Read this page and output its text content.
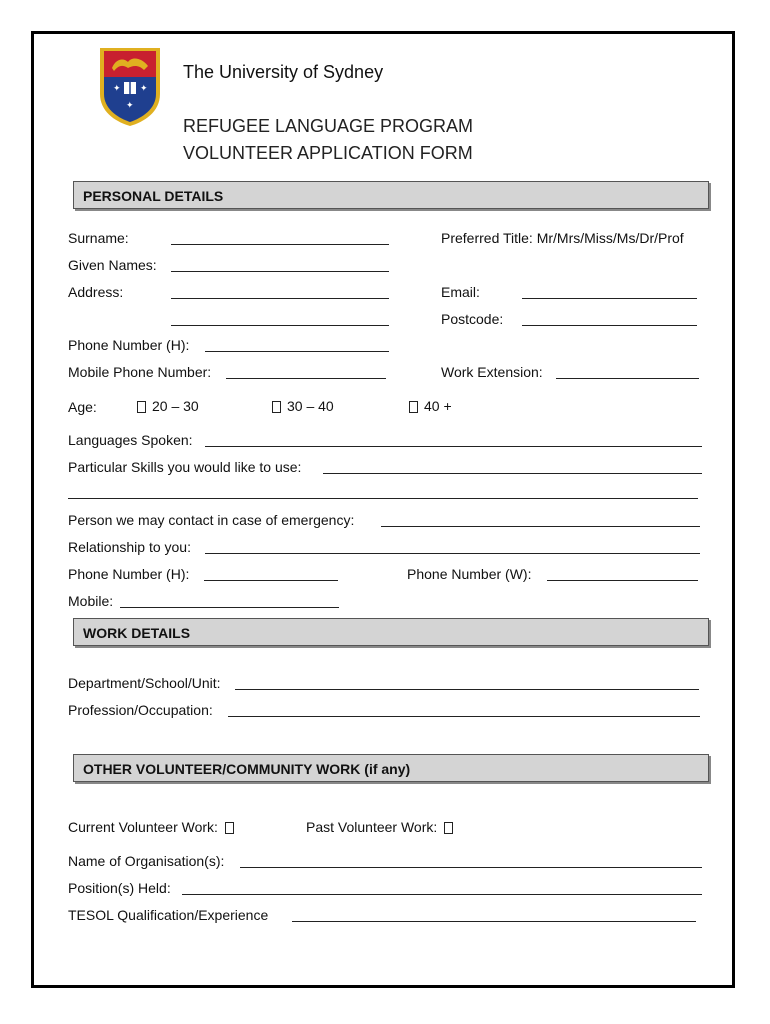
✦ ✦
✦
The University of Sydney
REFUGEE LANGUAGE PROGRAM
VOLUNTEER APPLICATION FORM
PERSONAL DETAILS
Surname:	Preferred Title: Mr/Mrs/Miss/Ms/Dr/Prof
Given Names:
Address:	Email:
Postcode:
Phone Number (H):
Mobile Phone Number:	Work Extension:
Age:	20 – 30	30 – 40	40 +
Languages Spoken:
Particular Skills you would like to use:
Person we may contact in case of emergency:
Relationship to you:
Phone Number (H):	Phone Number (W):
Mobile:
WORK DETAILS
Department/School/Unit:
Profession/Occupation:
OTHER VOLUNTEER/COMMUNITY WORK (if any)
Current Volunteer Work:	Past Volunteer Work:
Name of Organisation(s):
Position(s) Held:
TESOL Qualification/Experience
